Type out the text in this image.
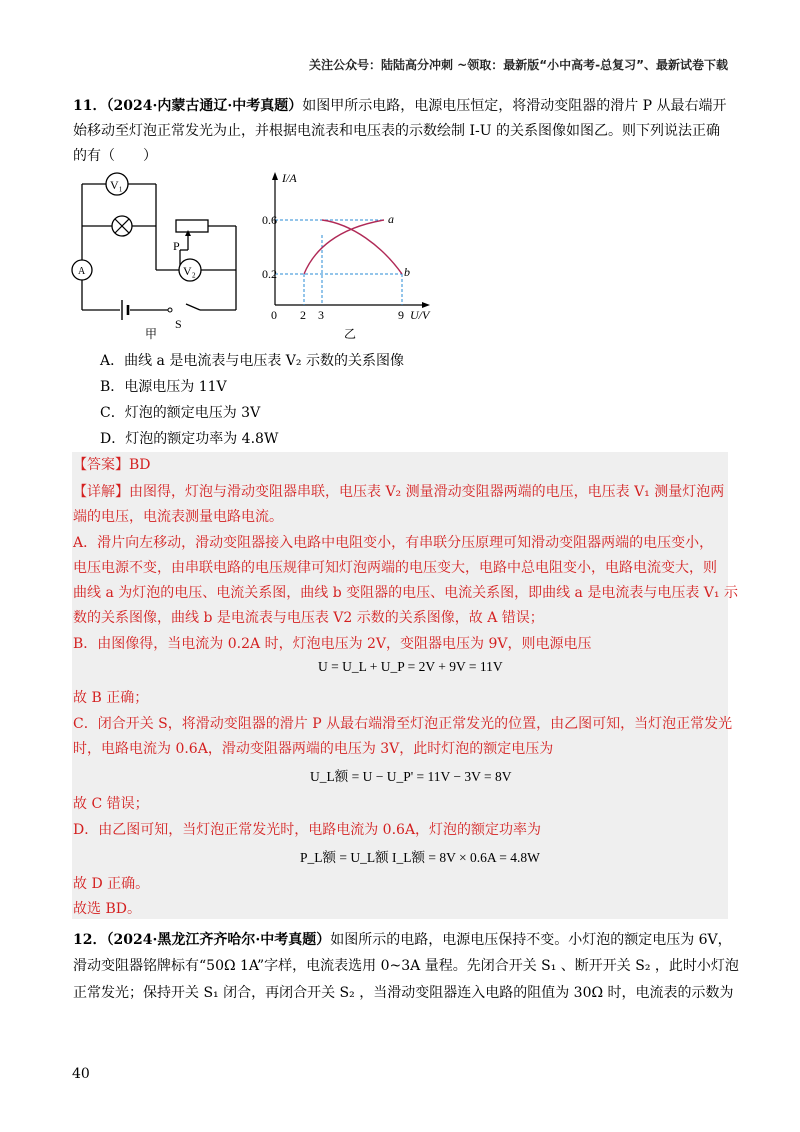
关注公众号：陆陆高分冲刺 ~领取：最新版“小中高考-总复习”、最新试卷下载
11．（2024·内蒙古通辽·中考真题）如图甲所示电路，电源电压恒定，将滑动变阻器的滑片 P 从最右端开
始移动至灯泡正常发光为止，并根据电流表和电压表的示数绘制 I-U 的关系图像如图乙。则下列说法正确
的有（　　）
V₁
P
V₂
A
S
甲
I/A
U/V
0.6
0.2
0 2 3	9
a
b
乙
A．曲线 a 是电流表与电压表 V₂ 示数的关系图像
B．电源电压为 11V
C．灯泡的额定电压为 3V
D．灯泡的额定功率为 4.8W
【答案】BD
【详解】由图得，灯泡与滑动变阻器串联，电压表 V₂ 测量滑动变阻器两端的电压，电压表 V₁ 测量灯泡两
端的电压，电流表测量电路电流。
A．滑片向左移动，滑动变阻器接入电路中电阻变小，有串联分压原理可知滑动变阻器两端的电压变小，
电压电源不变，由串联电路的电压规律可知灯泡两端的电压变大，电路中总电阻变小，电路电流变大，则
曲线 a 为灯泡的电压、电流关系图，曲线 b 变阻器的电压、电流关系图，即曲线 a 是电流表与电压表 V₁ 示
数的关系图像，曲线 b 是电流表与电压表 V2 示数的关系图像，故 A 错误；
B．由图像得，当电流为 0.2A 时，灯泡电压为 2V，变阻器电压为 9V，则电源电压
U = U_L + U_P = 2V + 9V = 11V
故 B 正确；
C．闭合开关 S，将滑动变阻器的滑片 P 从最右端滑至灯泡正常发光的位置，由乙图可知，当灯泡正常发光
时，电路电流为 0.6A，滑动变阻器两端的电压为 3V，此时灯泡的额定电压为
U_L额 = U − U_P' = 11V − 3V = 8V
故 C 错误；
D．由乙图可知，当灯泡正常发光时，电路电流为 0.6A，灯泡的额定功率为
P_L额 = U_L额 I_L额 = 8V × 0.6A = 4.8W
故 D 正确。
故选 BD。
12．（2024·黑龙江齐齐哈尔·中考真题）如图所示的电路，电源电压保持不变。小灯泡的额定电压为 6V，
滑动变阻器铭牌标有“50Ω 1A”字样，电流表选用 0~3A 量程。先闭合开关 S₁ 、断开开关 S₂ ，此时小灯泡
正常发光；保持开关 S₁ 闭合，再闭合开关 S₂ ，当滑动变阻器连入电路的阻值为 30Ω 时，电流表的示数为
40
